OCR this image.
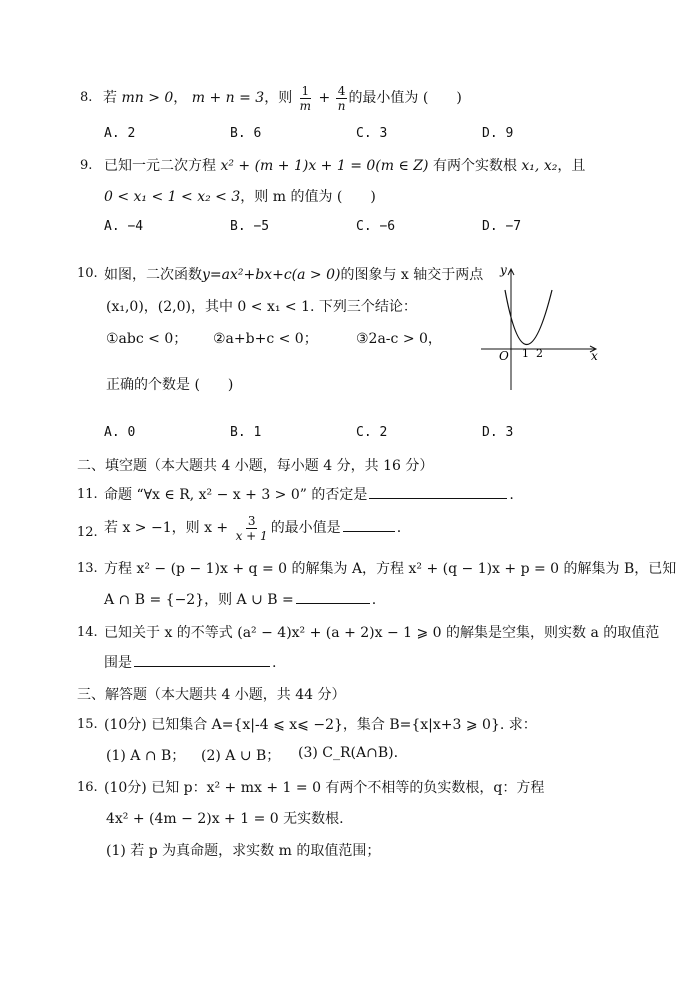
8. 若 mn > 0， m + n = 3，则 $\frac{1}{m} + \frac{4}{n}$ 的最小值为 (　　)
A. 2	B. 6	C. 3	D. 9
9. 已知一元二次方程 x² + (m + 1)x + 1 = 0(m ∈ Z) 有两个实数根 x₁, x₂，且
0 < x₁ < 1 < x₂ < 3，则 m 的值为 (　　)
A. −4	B. −5	C. −6	D. −7
10. 如图，二次函数y=ax²+bx+c(a > 0)的图象与 x 轴交于两点
(x₁,0)，(2,0)，其中 0 < x₁ < 1. 下列三个结论：
①abc < 0； ②a+b+c < 0；	③2a-c > 0，
正确的个数是 (　　)
A. 0	B. 1	C. 2	D. 3
y
x
O 1 2
二、填空题（本大题共 4 小题，每小题 4 分，共 16 分）
11. 命题 “∀x ∈ R, x² − x + 3 > 0” 的否定是	.
12. 若 x > −1，则 $x + \frac{3}{x + 1}$ 的最小值是	.
13. 方程 x² − (p − 1)x + q = 0 的解集为 A，方程 x² + (q − 1)x + p = 0 的解集为 B，已知
A ∩ B = {−2}，则 A ∪ B =	.
14. 已知关于 x 的不等式 (a² − 4)x² + (a + 2)x − 1 ⩾ 0 的解集是空集，则实数 a 的取值范
围是	.
三、解答题（本大题共 4 小题，共 44 分）
15. (10分) 已知集合 A={x|-4 ⩽ x⩽ −2}，集合 B={x|x+3 ⩾ 0}. 求：
(1) A ∩ B； (2) A ∪ B； (3) C_R(A∩B).
16. (10分) 已知 p：x² + mx + 1 = 0 有两个不相等的负实数根，q：方程
4x² + (4m − 2)x + 1 = 0 无实数根.
(1) 若 p 为真命题，求实数 m 的取值范围；
